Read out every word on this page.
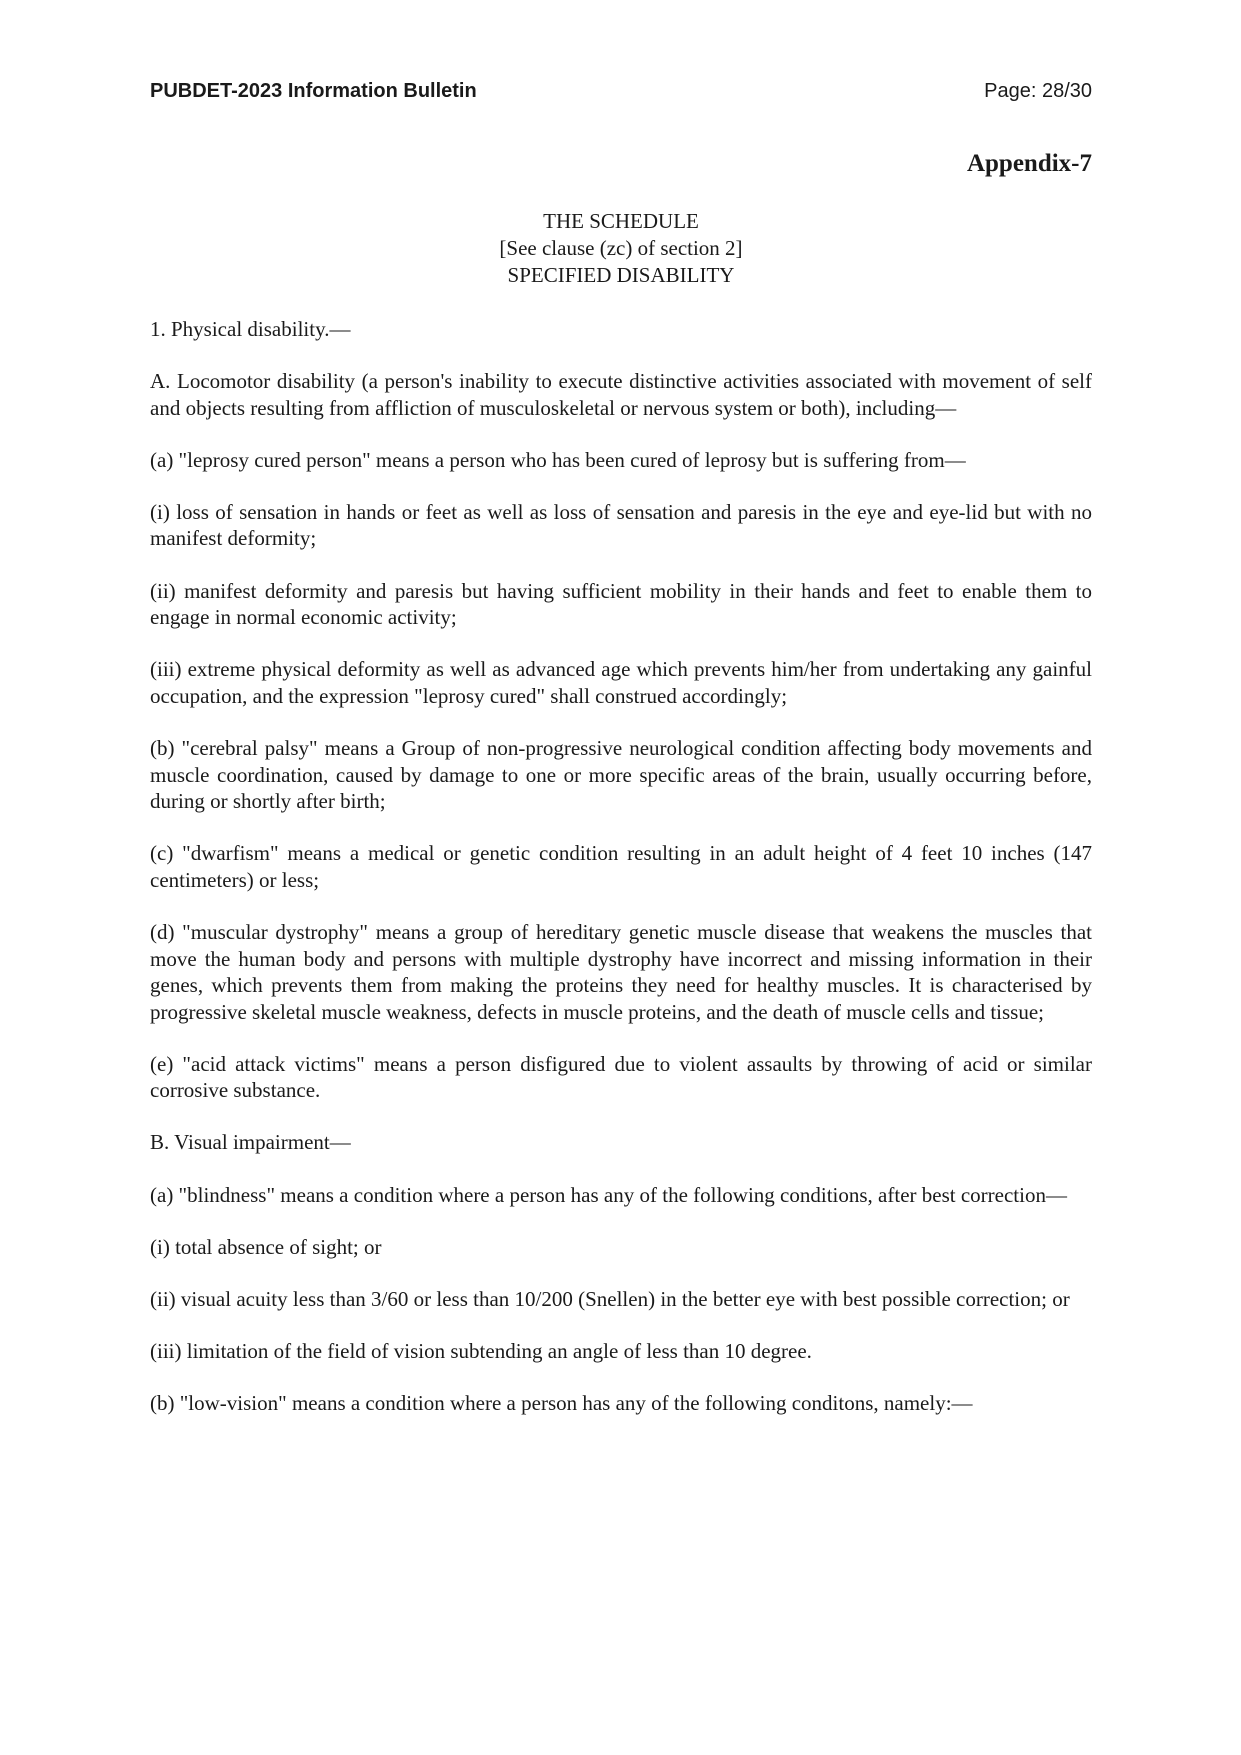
PUBDET-2023 Information Bulletin	Page: 28/30
Appendix-7
THE SCHEDULE
[See clause (zc) of section 2]
SPECIFIED DISABILITY

1. Physical disability.—

A. Locomotor disability (a person's inability to execute distinctive activities associated with movement of self and objects resulting from affliction of musculoskeletal or nervous system or both), including—

(a) "leprosy cured person" means a person who has been cured of leprosy but is suffering from—

(i) loss of sensation in hands or feet as well as loss of sensation and paresis in the eye and eye-lid but with no manifest deformity;

(ii) manifest deformity and paresis but having sufficient mobility in their hands and feet to enable them to engage in normal economic activity;

(iii) extreme physical deformity as well as advanced age which prevents him/her from undertaking any gainful occupation, and the expression "leprosy cured" shall construed accordingly;

(b) "cerebral palsy" means a Group of non-progressive neurological condition affecting body movements and muscle coordination, caused by damage to one or more specific areas of the brain, usually occurring before, during or shortly after birth;

(c) "dwarfism" means a medical or genetic condition resulting in an adult height of 4 feet 10 inches (147 centimeters) or less;

(d) "muscular dystrophy" means a group of hereditary genetic muscle disease that weakens the muscles that move the human body and persons with multiple dystrophy have incorrect and missing information in their genes, which prevents them from making the proteins they need for healthy muscles. It is characterised by progressive skeletal muscle weakness, defects in muscle proteins, and the death of muscle cells and tissue;

(e) "acid attack victims" means a person disfigured due to violent assaults by throwing of acid or similar corrosive substance.

B. Visual impairment—

(a) "blindness" means a condition where a person has any of the following conditions, after best correction—

(i) total absence of sight; or

(ii) visual acuity less than 3/60 or less than 10/200 (Snellen) in the better eye with best possible correction; or

(iii) limitation of the field of vision subtending an angle of less than 10 degree.

(b) "low-vision" means a condition where a person has any of the following conditons, namely:—
